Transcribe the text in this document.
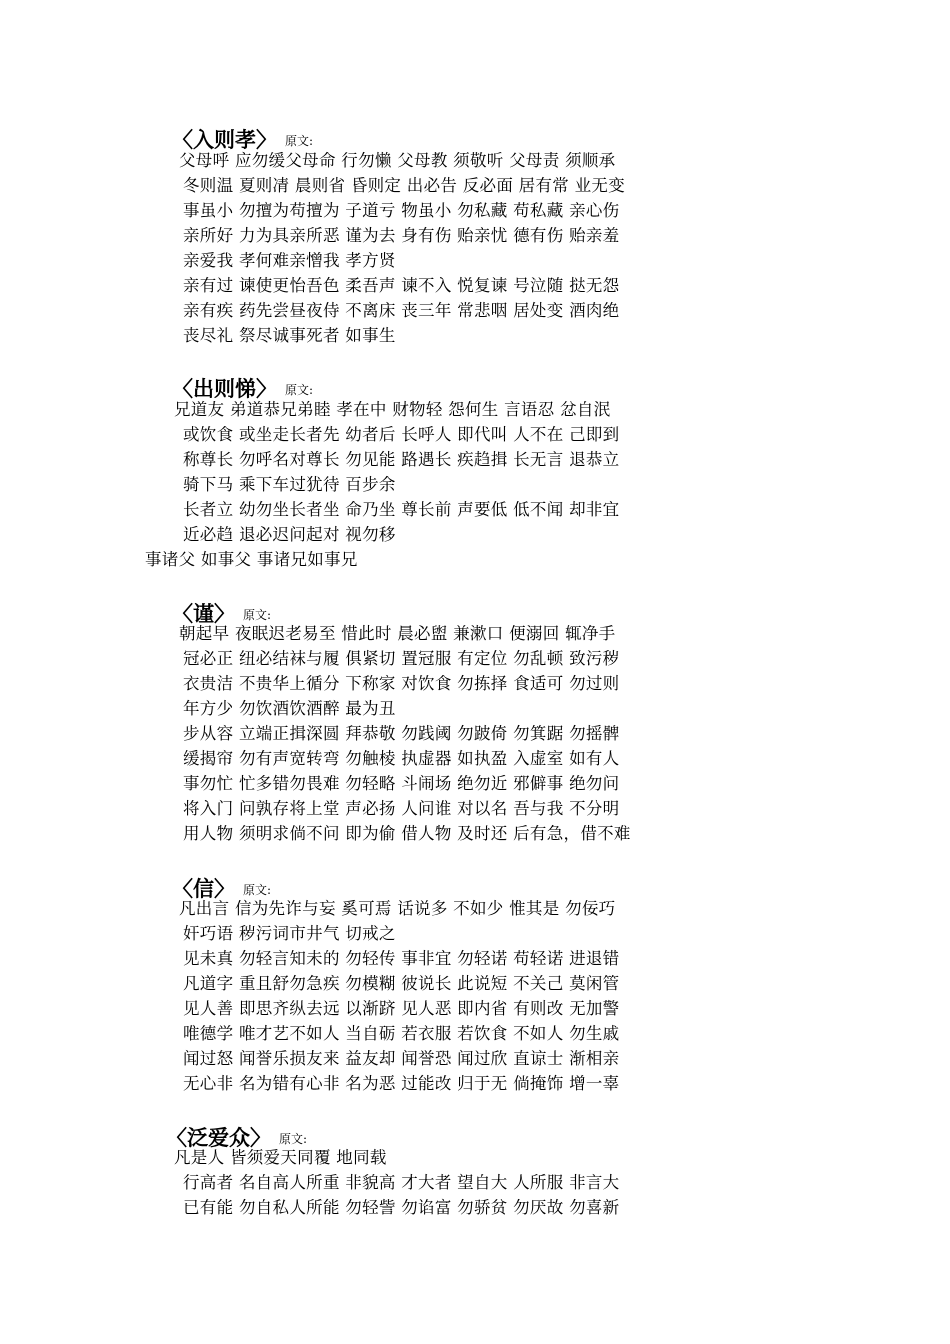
〈入则孝〉 原文:
父母呼 应勿缓父母命 行勿懒 父母教 须敬听 父母责 须顺承
冬则温 夏则凊 晨则省 昏则定 出必告 反必面 居有常 业无变
事虽小 勿擅为苟擅为 子道亏 物虽小 勿私藏 苟私藏 亲心伤
亲所好 力为具亲所恶 谨为去 身有伤 贻亲忧 德有伤 贻亲羞
亲爱我 孝何难亲憎我 孝方贤
亲有过 谏使更怡吾色 柔吾声 谏不入 悦复谏 号泣随 挞无怨
亲有疾 药先尝昼夜侍 不离床 丧三年 常悲咽 居处变 酒肉绝
丧尽礼 祭尽诚事死者 如事生
〈出则悌〉 原文:
兄道友 弟道恭兄弟睦 孝在中 财物轻 怨何生 言语忍 忿自泯
或饮食 或坐走长者先 幼者后 长呼人 即代叫 人不在 己即到
称尊长 勿呼名对尊长 勿见能 路遇长 疾趋揖 长无言 退恭立
骑下马 乘下车过犹待 百步余
长者立 幼勿坐长者坐 命乃坐 尊长前 声要低 低不闻 却非宜
近必趋 退必迟问起对 视勿移
事诸父 如事父 事诸兄如事兄
〈谨〉 原文:
朝起早 夜眠迟老易至 惜此时 晨必盥 兼漱口 便溺回 辄净手
冠必正 纽必结袜与履 俱紧切 置冠服 有定位 勿乱顿 致污秽
衣贵洁 不贵华上循分 下称家 对饮食 勿拣择 食适可 勿过则
年方少 勿饮酒饮酒醉 最为丑
步从容 立端正揖深圆 拜恭敬 勿践阈 勿跛倚 勿箕踞 勿摇髀
缓揭帘 勿有声宽转弯 勿触棱 执虚器 如执盈 入虚室 如有人
事勿忙 忙多错勿畏难 勿轻略 斗闹场 绝勿近 邪僻事 绝勿问
将入门 问孰存将上堂 声必扬 人问谁 对以名 吾与我 不分明
用人物 须明求倘不问 即为偷 借人物 及时还 后有急，借不难
〈信〉 原文:
凡出言 信为先诈与妄 奚可焉 话说多 不如少 惟其是 勿佞巧
奸巧语 秽污词市井气 切戒之
见未真 勿轻言知未的 勿轻传 事非宜 勿轻诺 苟轻诺 进退错
凡道字 重且舒勿急疾 勿模糊 彼说长 此说短 不关己 莫闲管
见人善 即思齐纵去远 以渐跻 见人恶 即内省 有则改 无加警
唯德学 唯才艺不如人 当自砺 若衣服 若饮食 不如人 勿生戚
闻过怒 闻誉乐损友来 益友却 闻誉恐 闻过欣 直谅士 渐相亲
无心非 名为错有心非 名为恶 过能改 归于无 倘掩饰 增一辜
〈泛爱众〉 原文:
凡是人 皆须爱天同覆 地同载
行高者 名自高人所重 非貌高 才大者 望自大 人所服 非言大
已有能 勿自私人所能 勿轻訾 勿谄富 勿骄贫 勿厌故 勿喜新
